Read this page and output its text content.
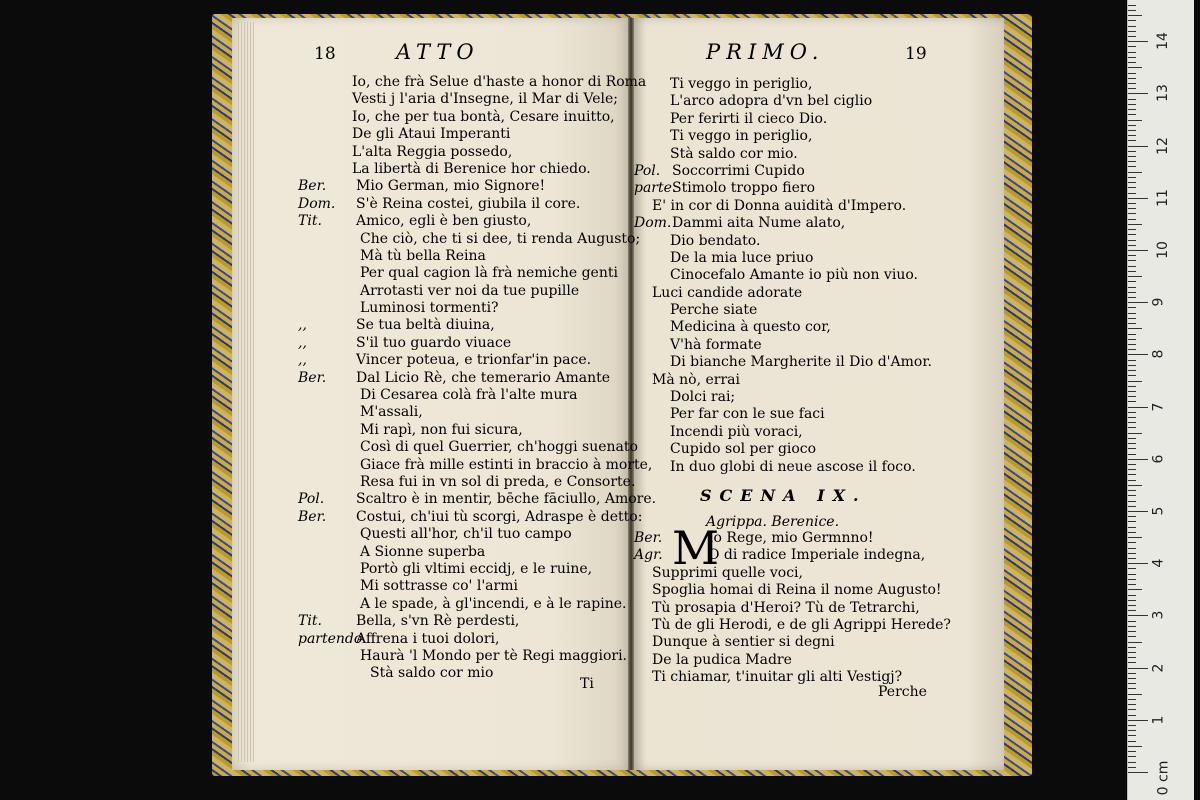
18	ATTO
Io, che frà Selue d'haste a honor di Roma
Vesti j l'aria d'Insegne, il Mar di Vele;
Io, che per tua bontà, Cesare inuitto,
De gli Ataui Imperanti
L'alta Reggia possedo,
La libertà di Berenice hor chiedo.
Ber. Mio German, mio Signore!
Dom. S'è Reina costei, giubila il core.
Tit. Amico, egli è ben giusto,
Che ciò, che ti si dee, ti renda Augusto;
Mà tù bella Reina
Per qual cagion là frà nemiche genti
Arrotasti ver noi da tue pupille
Luminosi tormenti?
,,	Se tua beltà diuina,
,,	S'il tuo guardo viuace
,,	Vincer poteua, e trionfar'in pace.
Ber. Dal Licio Rè, che temerario Amante
Di Cesarea colà frà l'alte mura
M'assali,
Mi rapì, non fui sicura,
Così di quel Guerrier, ch'hoggi suenato
Giace frà mille estinti in braccio à morte,
Resa fui in vn sol di preda, e Consorte.
Pol. Scaltro è in mentir, bēche fāciullo, Amore.
Ber. Costui, ch'iui tù scorgi, Adraspe è detto:
Questi all'hor, ch'il tuo campo
A Sionne superba
Portò gli vltimi eccidj, e le ruine,
Mi sottrasse co' l'armi
A le spade, à gl'incendi, e à le rapine.
Tit. Bella, s'vn Rè perdesti,
partendo.Affrena i tuoi dolori,
Haurà 'l Mondo per tè Regi maggiori.
Stà saldo cor mio
Ti
PRIMO.	19
Ti veggo in periglio,
L'arco adopra d'vn bel ciglio
Per ferirti il cieco Dio.
Ti veggo in periglio,
Stà saldo cor mio.
Pol. Soccorrimi Cupido
parte.Stimolo troppo fiero
E' in cor di Donna auidità d'Impero.
Dom.Dammi aita Nume alato,
Dio bendato.
De la mia luce priuo
Cinocefalo Amante io più non viuo.
Luci candide adorate
Perche siate
Medicina à questo cor,
V'hà formate
Di bianche Margherite il Dio d'Amor.
Mà nò, errai
Dolci rai;
Per far con le sue faci
Incendi più voraci,
Cupido sol per gioco
In duo globi di neue ascose il foco.
SCENA IX.
Agrippa. Berenice.
M
Ber.	Io Rege, mio Germnno!
Agr.	O di radice Imperiale indegna,
Supprimi quelle voci,
Spoglia homai di Reina il nome Augusto!
Tù prosapia d'Heroi? Tù de Tetrarchi,
Tù de gli Herodi, e de gli Agrippi Herede?
Dunque à sentier si degni
De la pudica Madre
Ti chiamar, t'inuitar gli alti Vestigj?
Perche
0 cm
1
2
3
4
5
6
7
8
9
10
11
12
13
14
